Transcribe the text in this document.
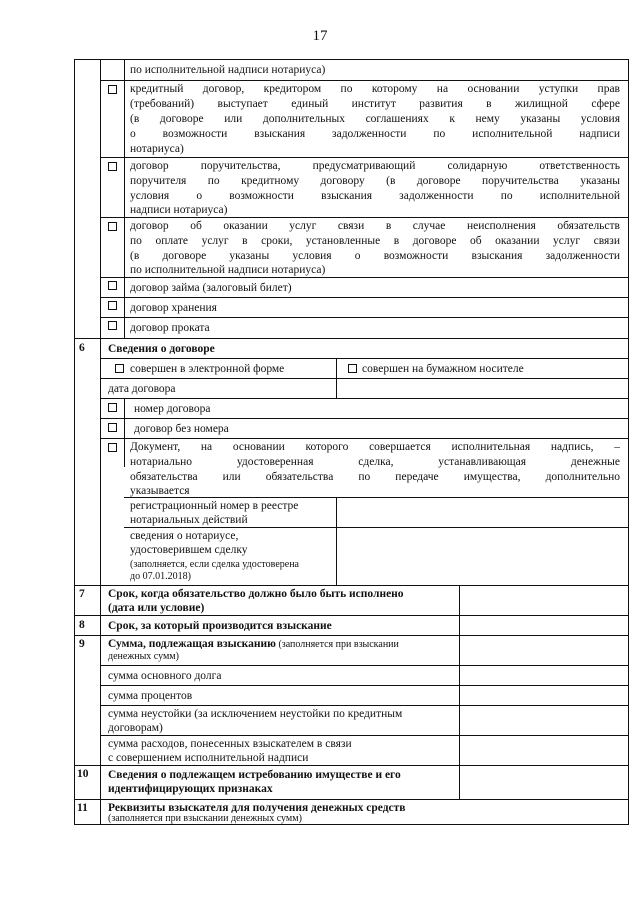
17
по исполнительной надписи нотариуса)
кредитный договор, кредитором по которому на основании уступки прав
(требований) выступает единый институт развития в жилищной сфере
(в договоре или дополнительных соглашениях к нему указаны условия
о возможности взыскания задолженности по исполнительной надписи
нотариуса)
договор поручительства, предусматривающий солидарную ответственность
поручителя по кредитному договору (в договоре поручительства указаны
условия о возможности взыскания задолженности по исполнительной
надписи нотариуса)
договор об оказании услуг связи в случае неисполнения обязательств
по оплате услуг в сроки, установленные в договоре об оказании услуг связи
(в договоре указаны условия о возможности взыскания задолженности
по исполнительной надписи нотариуса)
договор займа (залоговый билет)
договор хранения
договор проката
6 Сведения о договоре
совершен в электронной форме	совершен на бумажном носителе
дата договора
номер договора
договор без номера
Документ, на основании которого совершается исполнительная надпись, –
нотариально удостоверенная сделка, устанавливающая денежные
обязательства или обязательства по передаче имущества, дополнительно
указывается
регистрационный номер в реестре
нотариальных действий
сведения о нотариусе,
удостоверившем сделку
(заполняется, если сделка удостоверена
до 07.01.2018)
7 Срок, когда обязательство должно было быть исполнено
(дата или условие)
8 Срок, за который производится взыскание
9 Сумма, подлежащая взысканию (заполняется при взыскании
денежных сумм)
сумма основного долга
сумма процентов
сумма неустойки (за исключением неустойки по кредитным
договорам)
сумма расходов, понесенных взыскателем в связи
с совершением исполнительной надписи
10 Сведения о подлежащем истребованию имуществе и его
идентифицирующих признаках
11 Реквизиты взыскателя для получения денежных средств
(заполняется при взыскании денежных сумм)
